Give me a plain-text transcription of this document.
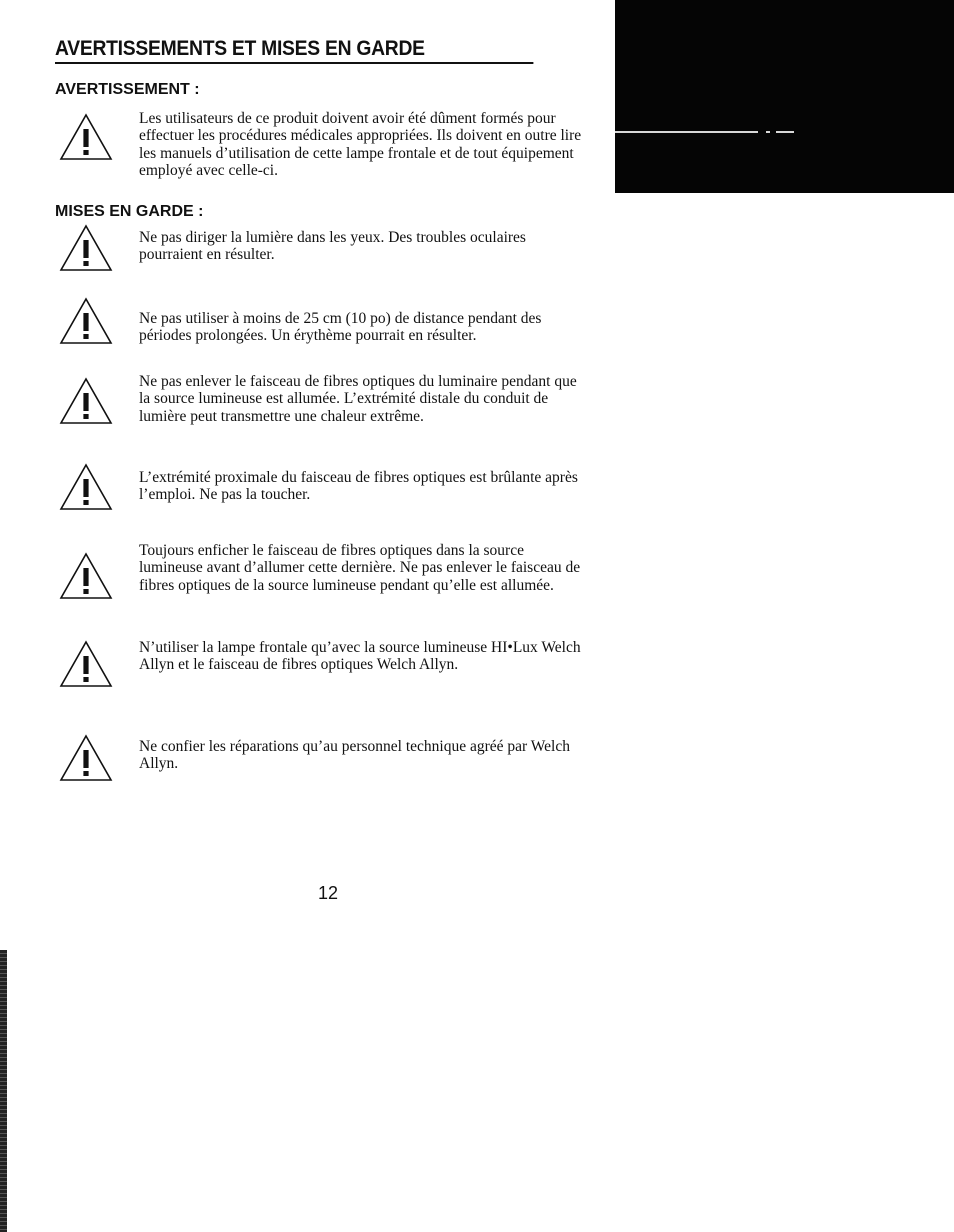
AVERTISSEMENTS ET MISES EN GARDE
AVERTISSEMENT :

Les utilisateurs de ce produit doivent avoir été dûment formés pour effectuer les procédures médicales appropriées. Ils doivent en outre lire les manuels d’utilisation de cette lampe frontale et de tout équipement employé avec celle-ci.

MISES EN GARDE :

Ne pas diriger la lumière dans les yeux. Des troubles oculaires pourraient en résulter.

Ne pas utiliser à moins de 25 cm (10 po) de distance pendant des périodes prolongées. Un érythème pourrait en résulter.

Ne pas enlever le faisceau de fibres optiques du luminaire pendant que la source lumineuse est allumée. L’extrémité distale du conduit de lumière peut transmettre une chaleur extrême.

L’extrémité proximale du faisceau de fibres optiques est brûlante après l’emploi. Ne pas la toucher.

Toujours enficher le faisceau de fibres optiques dans la source lumineuse avant d’allumer cette dernière. Ne pas enlever le faisceau de fibres optiques de la source lumineuse pendant qu’elle est allumée.

N’utiliser la lampe frontale qu’avec la source lumineuse HI•Lux Welch Allyn et le faisceau de fibres optiques Welch Allyn.

Ne confier les réparations qu’au personnel technique agréé par Welch Allyn.

12
